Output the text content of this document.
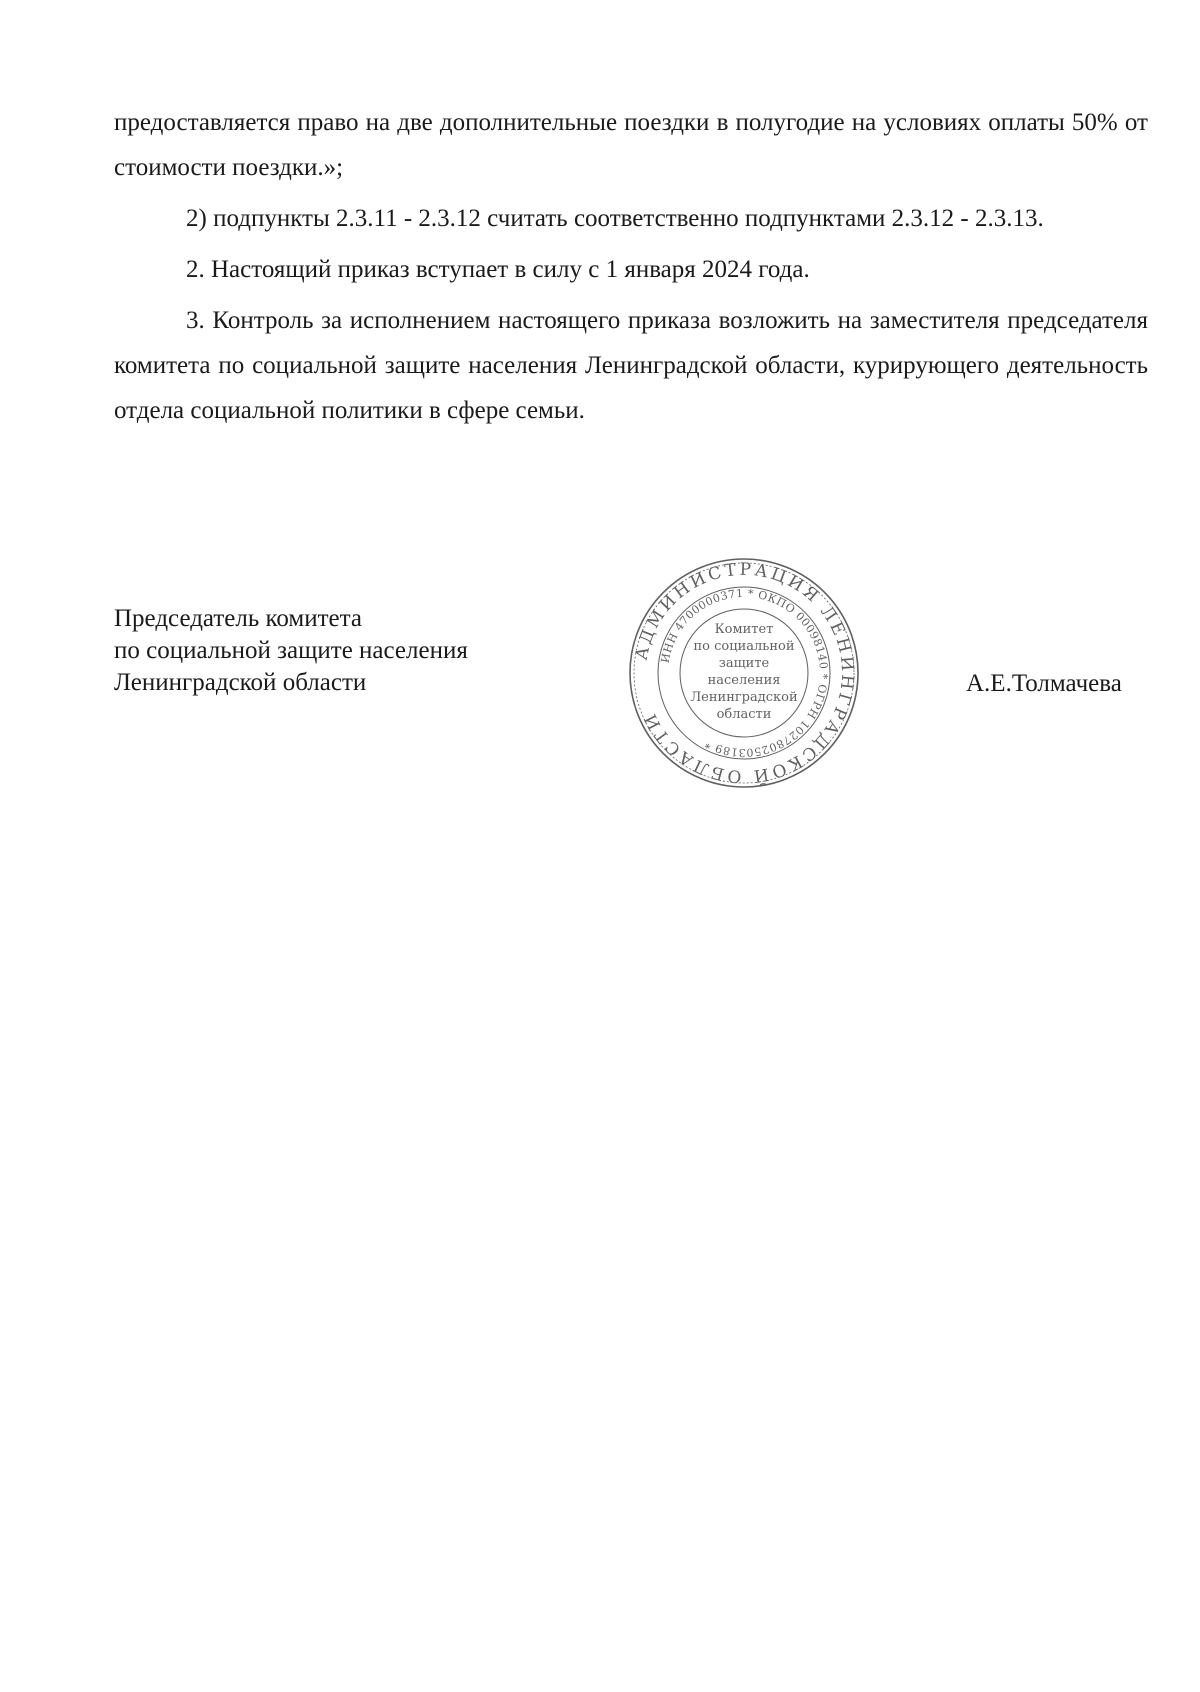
предоставляется право на две дополнительные поездки в полугодие на условиях оплаты 50% от стоимости поездки.»;

2) подпункты 2.3.11 - 2.3.12 считать соответственно подпунктами 2.3.12 - 2.3.13.

2. Настоящий приказ вступает в силу с 1 января 2024 года.

3. Контроль за исполнением настоящего приказа возложить на заместителя председателя комитета по социальной защите населения Ленинградской области, курирующего деятельность отдела социальной политики в сфере семьи.

Председатель комитета
по социальной защите населения
Ленинградской области
АДМИНИСТРАЦИЯ ЛЕНИНГРАДСКОЙ ОБЛАСТИ
ИНН 4700000371 * ОКПО 00098140 * ОГРН 1027802503189 *
Комитет
по социальной
защите
населения
Ленинградской
области
А.Е.Толмачева
